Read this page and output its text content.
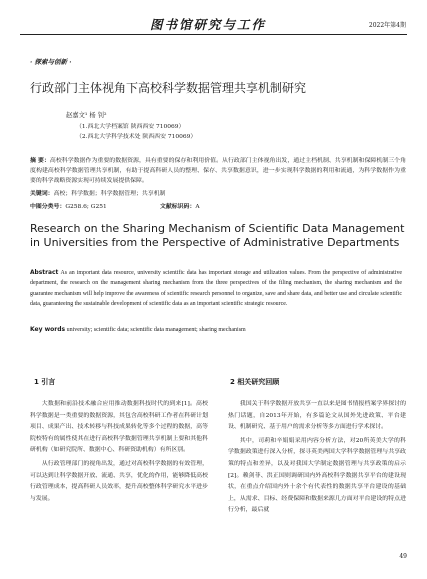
图书馆研究与工作	2022年第4期
· 探索与创新 ·
行政部门主体视角下高校科学数据管理共享机制研究
赵嘉文¹ 杨 钊²
（1.西北大学档案馆 陕西西安 710069）
（2.西北大学科学技术处 陕西西安 710069）
摘 要：高校科学数据作为重要的数据资源，具有重要的保存和利用价值。从行政部门主体视角出发，通过主档机制、共享机制和保障机制三个角度构建高校科学数据管理共享机制，有助于提高科研人员的整理、保存、共享数据意识，进一步实现科学数据的利用和流通，为科学数据作为重要的科学战略资源实现可持续发展提供保障。
关键词：高校；科学数据；科学数据管理；共享机制
中图分类号：G258.6; G251	文献标识码：A
Research on the Sharing Mechanism of Scientific Data Management in Universities from the Perspective of Administrative Departments
Abstract As an important data resource, university scientific data has important storage and utilization values. From the perspective of administrative department, the research on the management sharing mechanism from the three perspectives of the filing mechanism, the sharing mechanism and the guarantee mechanism will help improve the awareness of scientific research personnel to organize, save and share data, and better use and circulate scientific data, guaranteeing the sustainable development of scientific data as an important scientific strategic resource.
Key words university; scientific data; scientific data management; sharing mechanism
1 引言	2 相关研究回顾

大数据和前沿技术融合应用推动数据科技时代的到来[1]。高校科学数据是一类重要的数据资源，其包含高校科研工作者在科研计划项目、成果产出、技术转移与科技成果转化等多个过程的数据，高等院校特有的属性使其在进行高校科学数据管理共享机制上要和其他科研机构（如研究院所、数据中心、科研资助机构）有所区别。

从行政管理部门的视角出发，通过对高校科学数据的有效管理，可以达到让科学数据开放、流通、共享，优化的作用，能够降低高校行政管理成本，提高科研人员效率，提升高校整体科学研究水平进步与发展。

我国关于科学数据开放共享一直以来是图书情报档案学界探讨的热门话题，自2013年开始，有多篇论文从国外先进政策、平台建设、机制研究、基于用户的需求分析等多方面进行学术探讨。

其中，司莉和辛娟娟采用内容分析方法，对20所英美大学的科学数据政策进行深入分析，探寻英美两国大学科学数据管理与共享政策的特点和差异，以及对我国大学制定数据管理与共享政策的启示[2]。赖剑菲、洪正国则调研国内外高校科学数据共享平台的建设现状，在重点介绍国内外十余个有代表性的数据共享平台建设的基础上，从需求、目标、经费保障和数据来源几方面对平台建设的特点进行分析，最后就

49
